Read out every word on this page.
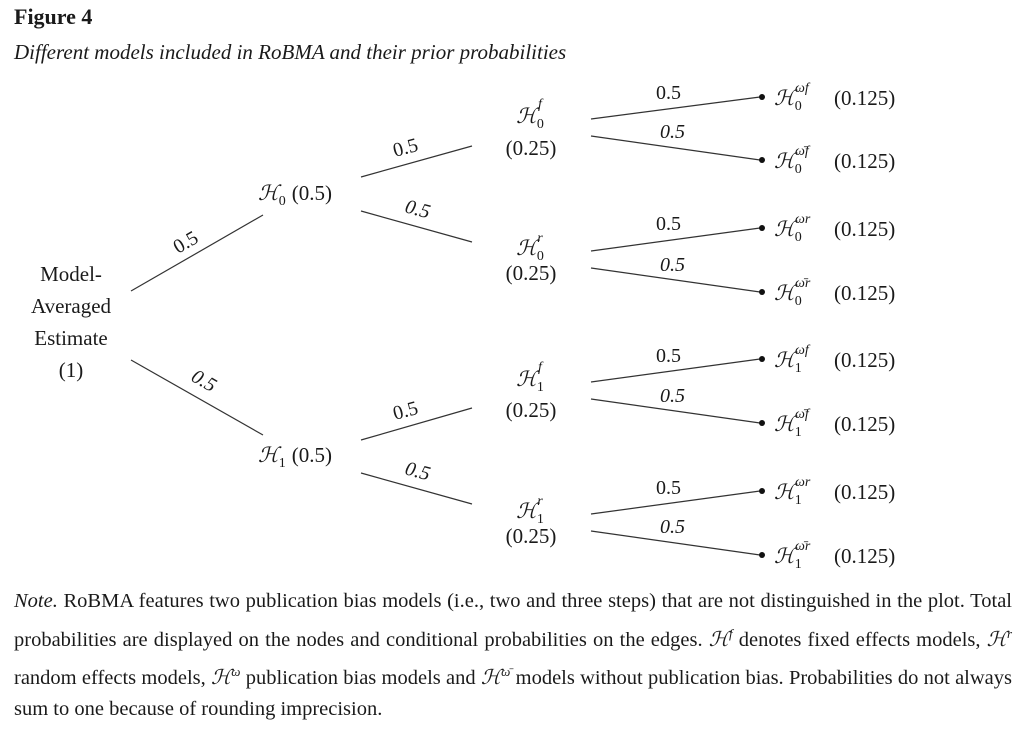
Figure 4
Different models included in RoBMA and their prior probabilities
Model-
Averaged
Estimate
(1)
ℋ$_0$ (0.5)
ℋ$_1$ (0.5)
0.5
0.5
ℋ$_0$
f
(0.25)
ℋ$_0$
r
(0.25)
ℋ$_1$
f
(0.25)
ℋ$_1$
r
(0.25)
0.5
0.5
0.5
0.5
0.5
0.5
0.5
0.5
0.5
0.5
0.5
0.5
ℋ$_0$
ωf (0.125)
ℋ$_0$
ω̄f (0.125)
ℋ$_0$
ωr (0.125)
ℋ$_0$
ω̄r (0.125)
ℋ$_1$
ωf (0.125)
ℋ$_1$
ω̄f (0.125)
ℋ$_1$
ωr (0.125)
ℋ$_1$
ω̄r (0.125)
Note. RoBMA features two publication bias models (i.e., two and three steps) that are not distinguished in the plot. Total probabilities are displayed on the nodes and conditional probabilities on the edges. ℋ$^f$ denotes fixed effects models, ℋ$^r$ random effects models, ℋ$^\omega$ publication bias models and ℋ$^{\omegā}$ models without publication bias. Probabilities do not always sum to one because of rounding imprecision.
